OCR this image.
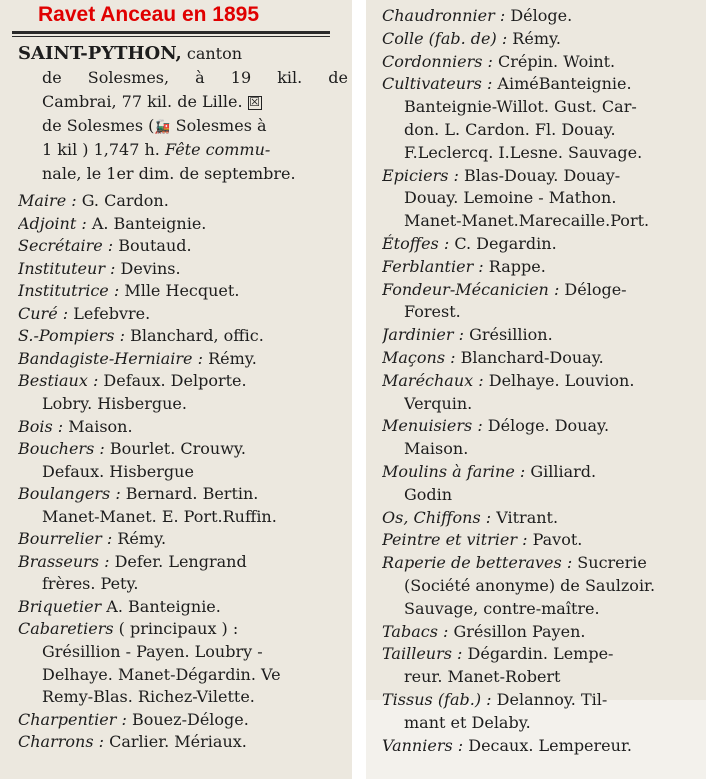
Ravet Anceau en 1895
SAINT-PYTHON, canton
de Solesmes, à 19 kil. de
Cambrai, 77 kil. de Lille. ☒
de Solesmes (🚂 Solesmes à
1 kil ) 1,747 h. Fête commu-
nale, le 1er dim. de septembre.
Maire : G. Cardon.
Adjoint : A. Banteignie.
Secrétaire : Boutaud.
Instituteur : Devins.
Institutrice : Mlle Hecquet.
Curé : Lefebvre.
S.-Pompiers : Blanchard, offic.
Bandagiste-Herniaire : Rémy.
Bestiaux : Defaux. Delporte.
Lobry. Hisbergue.
Bois : Maison.
Bouchers : Bourlet. Crouwy.
Defaux. Hisbergue
Boulangers : Bernard. Bertin.
Manet-Manet. E. Port.Ruffin.
Bourrelier : Rémy.
Brasseurs : Defer. Lengrand
frères. Pety.
Briquetier A. Banteignie.
Cabaretiers ( principaux ) :
Grésillion - Payen. Loubry -
Delhaye. Manet-Dégardin. Ve
Remy-Blas. Richez-Vilette.
Charpentier : Bouez-Déloge.
Charrons : Carlier. Mériaux.
Chaudronnier : Déloge.
Colle (fab. de) : Rémy.
Cordonniers : Crépin. Woint.
Cultivateurs : AiméBanteignie.
Banteignie-Willot. Gust. Car-
don. L. Cardon. Fl. Douay.
F.Leclercq. I.Lesne. Sauvage.
Epiciers : Blas-Douay. Douay-
Douay. Lemoine - Mathon.
Manet-Manet.Marecaille.Port.
Étoffes : C. Degardin.
Ferblantier : Rappe.
Fondeur-Mécanicien : Déloge-
Forest.
Jardinier : Grésillion.
Maçons : Blanchard-Douay.
Maréchaux : Delhaye. Louvion.
Verquin.
Menuisiers : Déloge. Douay.
Maison.
Moulins à farine : Gilliard.
Godin
Os, Chiffons : Vitrant.
Peintre et vitrier : Pavot.
Raperie de betteraves : Sucrerie
(Société anonyme) de Saulzoir.
Sauvage, contre-maître.
Tabacs : Grésillon Payen.
Tailleurs : Dégardin. Lempe-
reur. Manet-Robert
Tissus (fab.) : Delannoy. Til-
mant et Delaby.
Vanniers : Decaux. Lempereur.
